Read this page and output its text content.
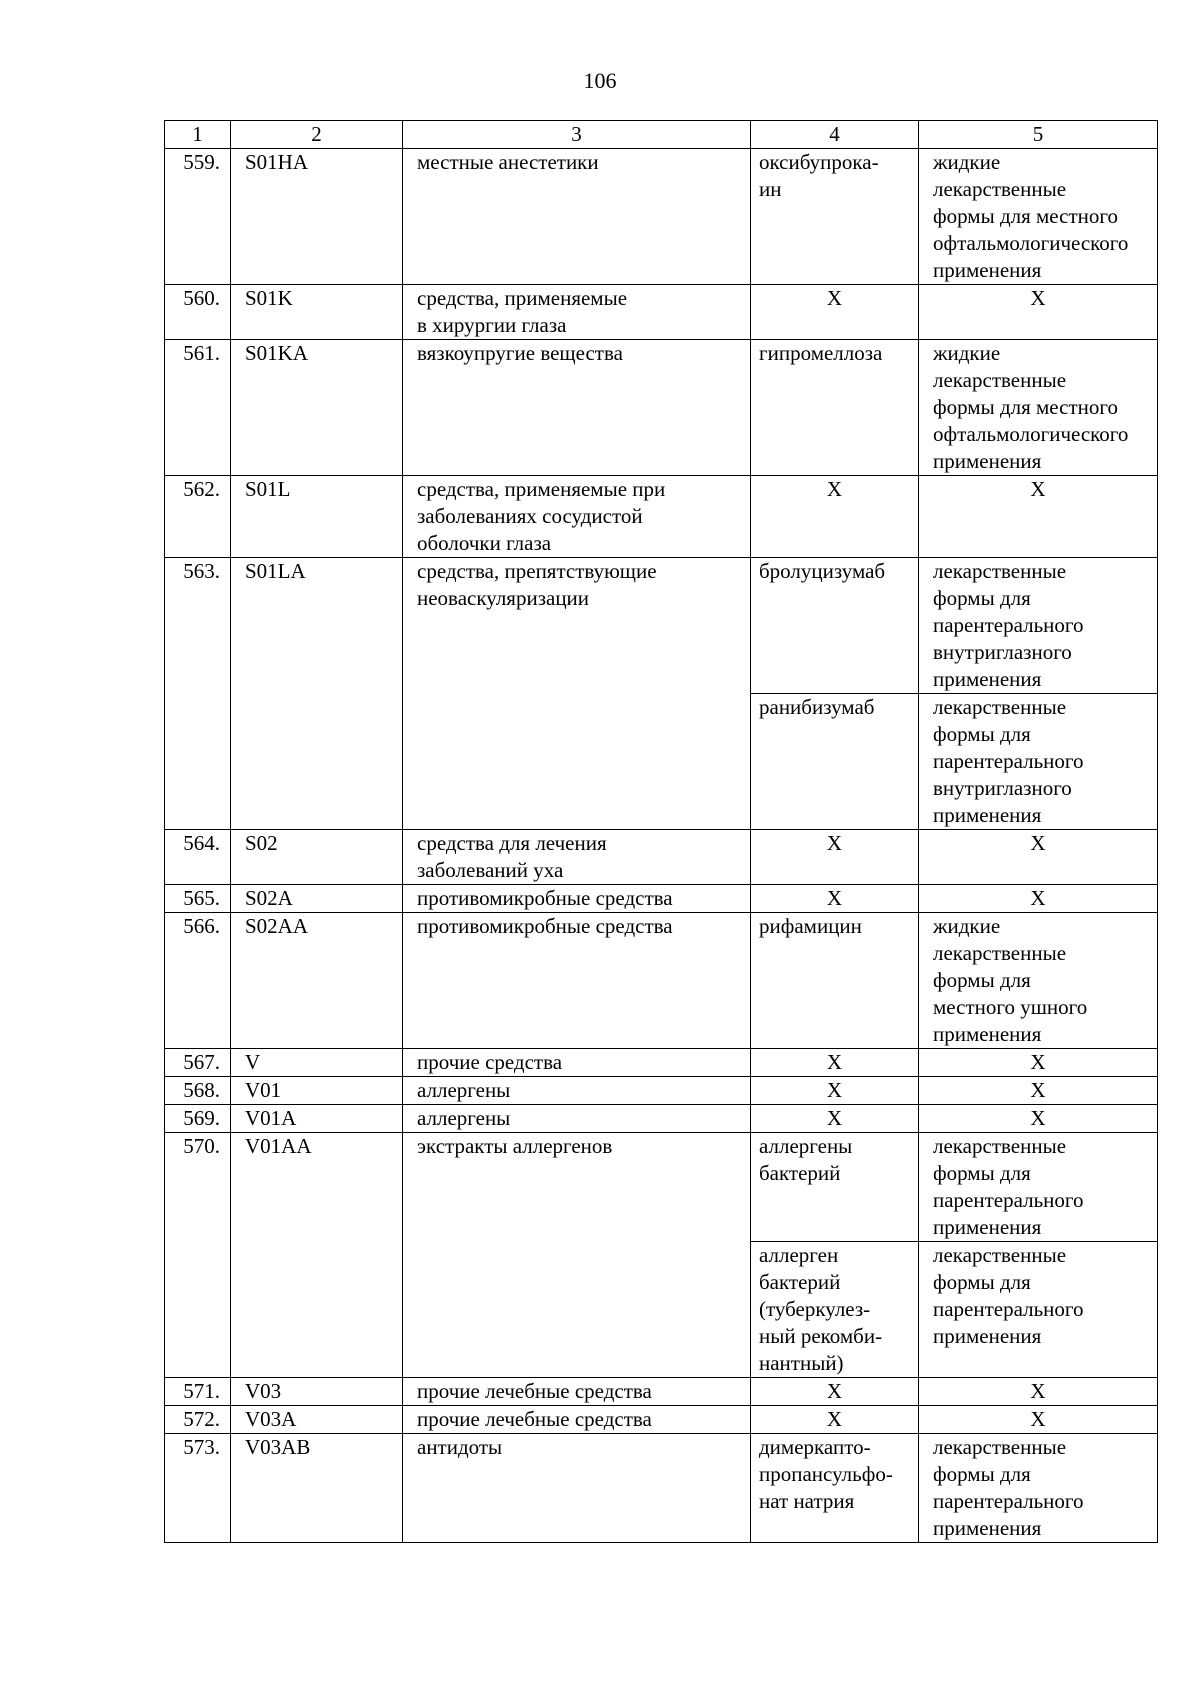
106
1	2	3	4	5
559.	S01HA	местные анестетики	оксибупрока-
ин	жидкие
лекарственные
формы для местного
офтальмологического
применения
560.	S01K	средства, применяемые
в хирургии глаза	X	X
561.	S01KA	вязкоупругие вещества	гипромеллоза	жидкие
лекарственные
формы для местного
офтальмологического
применения
562.	S01L	средства, применяемые при
заболеваниях сосудистой
оболочки глаза	X	X
563.	S01LA	средства, препятствующие
неоваскуляризации	бролуцизумаб	лекарственные
формы для
парентерального
внутриглазного
применения
			ранибизумаб	лекарственные
формы для
парентерального
внутриглазного
применения
564.	S02	средства для лечения
заболеваний уха	X	X
565.	S02A	противомикробные средства	X	X
566.	S02AA	противомикробные средства	рифамицин	жидкие
лекарственные
формы для
местного ушного
применения
567.	V	прочие средства	X	X
568.	V01	аллергены	X	X
569.	V01A	аллергены	X	X
570.	V01AA	экстракты аллергенов	аллергены
бактерий	лекарственные
формы для
парентерального
применения
			аллерген
бактерий
(туберкулез-
ный рекомби-
нантный)	лекарственные
формы для
парентерального
применения
571.	V03	прочие лечебные средства	X	X
572.	V03A	прочие лечебные средства	X	X
573.	V03AB	антидоты	димеркапто-
пропансульфо-
нат натрия	лекарственные
формы для
парентерального
применения
